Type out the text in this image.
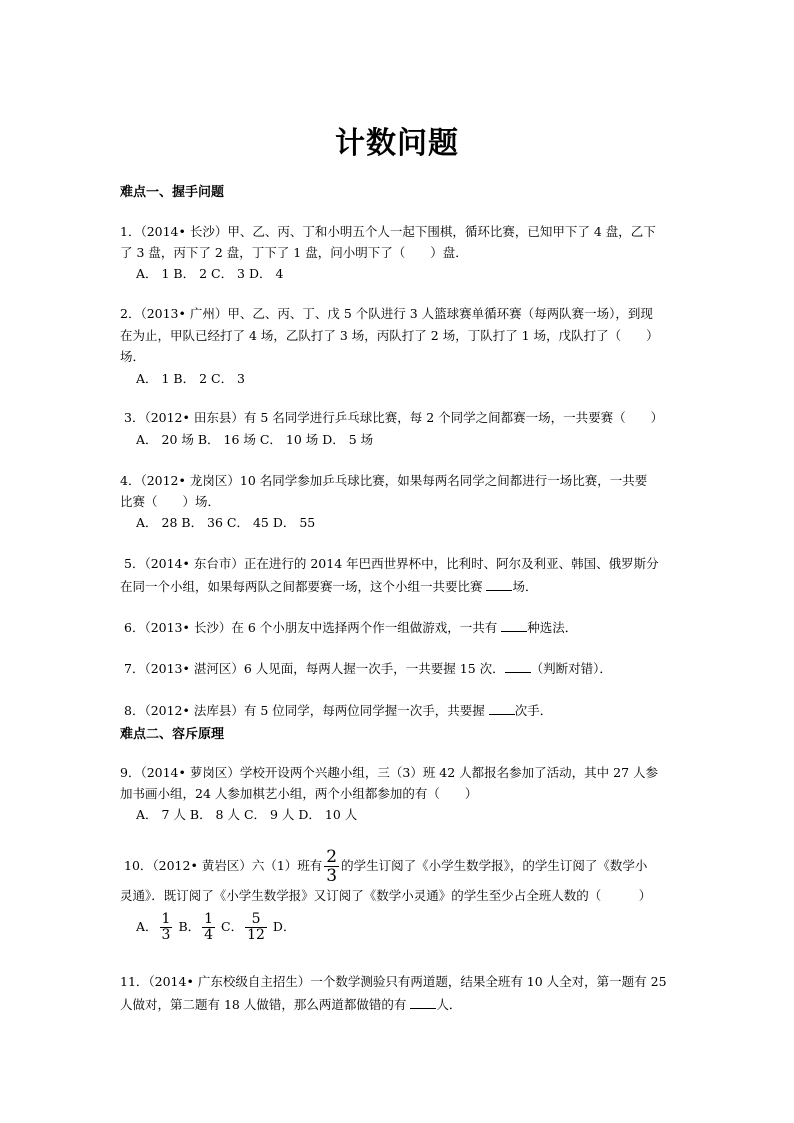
计数问题
难点一、握手问题
1．（2014• 长沙）甲、乙、丙、丁和小明五个人一起下围棋，循环比赛，已知甲下了 4 盘，乙下
了 3 盘，丙下了 2 盘，丁下了 1 盘，问小明下了（　　）盘．
A． 1 B． 2 C． 3 D． 4
2．（2013• 广州）甲、乙、丙、丁、戊 5 个队进行 3 人篮球赛单循环赛（每两队赛一场），到现
在为止，甲队已经打了 4 场，乙队打了 3 场，丙队打了 2 场，丁队打了 1 场，戊队打了（　　）
场．
A． 1 B． 2 C． 3
3．（2012• 田东县）有 5 名同学进行乒乓球比赛，每 2 个同学之间都赛一场，一共要赛（　　）
A． 20 场 B． 16 场 C． 10 场 D． 5 场
4．（2012• 龙岗区）10 名同学参加乒乓球比赛，如果每两名同学之间都进行一场比赛，一共要
比赛（　　）场．
A． 28 B． 36 C． 45 D． 55
5．（2014• 东台市）正在进行的 2014 年巴西世界杯中，比利时、阿尔及利亚、韩国、俄罗斯分
在同一个小组，如果每两队之间都要赛一场，这个小组一共要比赛 场．
6．（2013• 长沙）在 6 个小朋友中选择两个作一组做游戏，一共有 种选法．
7．（2013• 湛河区）6 人见面，每两人握一次手，一共要握 15 次． （判断对错）．
8．（2012• 法库县）有 5 位同学，每两位同学握一次手，共要握 次手．
难点二、容斥原理
9．（2014• 萝岗区）学校开设两个兴趣小组，三（3）班 42 人都报名参加了活动，其中 27 人参
加书画小组，24 人参加棋艺小组，两个小组都参加的有（　　）
A． 7 人 B． 8 人 C． 9 人 D． 10 人
10．（2012• 黄岩区）六（1）班有 $\frac{2}{3}$ 的学生订阅了《小学生数学报》，的学生订阅了《数学小
灵通》．既订阅了《小学生数学报》又订阅了《数学小灵通》的学生至少占全班人数的（　　　）
A． $\frac{1}{3}$ B． $\frac{1}{4}$ C． $\frac{5}{12}$ D．
11．（2014• 广东校级自主招生）一个数学测验只有两道题，结果全班有 10 人全对，第一题有 25
人做对，第二题有 18 人做错，那么两道都做错的有 人．
